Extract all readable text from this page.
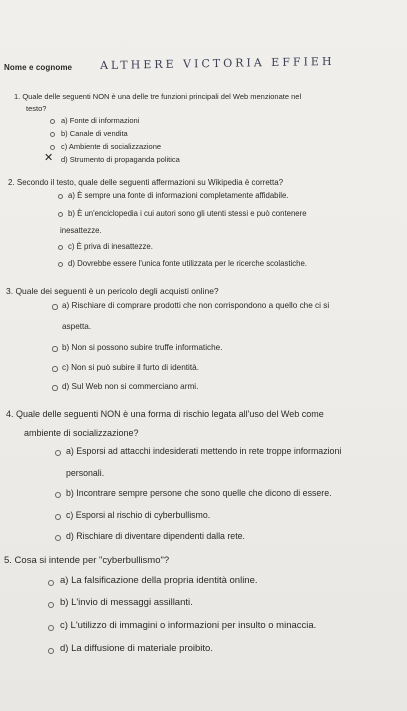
Nome e cognome	ALTHERE VICTORIA EFFIEH
1. Quale delle seguenti NON è una delle tre funzioni principali del Web menzionate nel
testo?
a) Fonte di informazioni
b) Canale di vendita
c) Ambiente di socializzazione
✕ d) Strumento di propaganda politica
2. Secondo il testo, quale delle seguenti affermazioni su Wikipedia è corretta?
a) È sempre una fonte di informazioni completamente affidabile.
b) È un'enciclopedia i cui autori sono gli utenti stessi e può contenere
inesattezze.
c) È priva di inesattezze.
d) Dovrebbe essere l'unica fonte utilizzata per le ricerche scolastiche.
3. Quale dei seguenti è un pericolo degli acquisti online?
a) Rischiare di comprare prodotti che non corrispondono a quello che ci si
aspetta.
b) Non si possono subire truffe informatiche.
c) Non si può subire il furto di identità.
d) Sul Web non si commerciano armi.
4. Quale delle seguenti NON è una forma di rischio legata all'uso del Web come
ambiente di socializzazione?
a) Esporsi ad attacchi indesiderati mettendo in rete troppe informazioni
personali.
b) Incontrare sempre persone che sono quelle che dicono di essere.
c) Esporsi al rischio di cyberbullismo.
d) Rischiare di diventare dipendenti dalla rete.
5. Cosa si intende per "cyberbullismo"?
a) La falsificazione della propria identità online.
b) L'invio di messaggi assillanti.
c) L'utilizzo di immagini o informazioni per insulto o minaccia.
d) La diffusione di materiale proibito.
